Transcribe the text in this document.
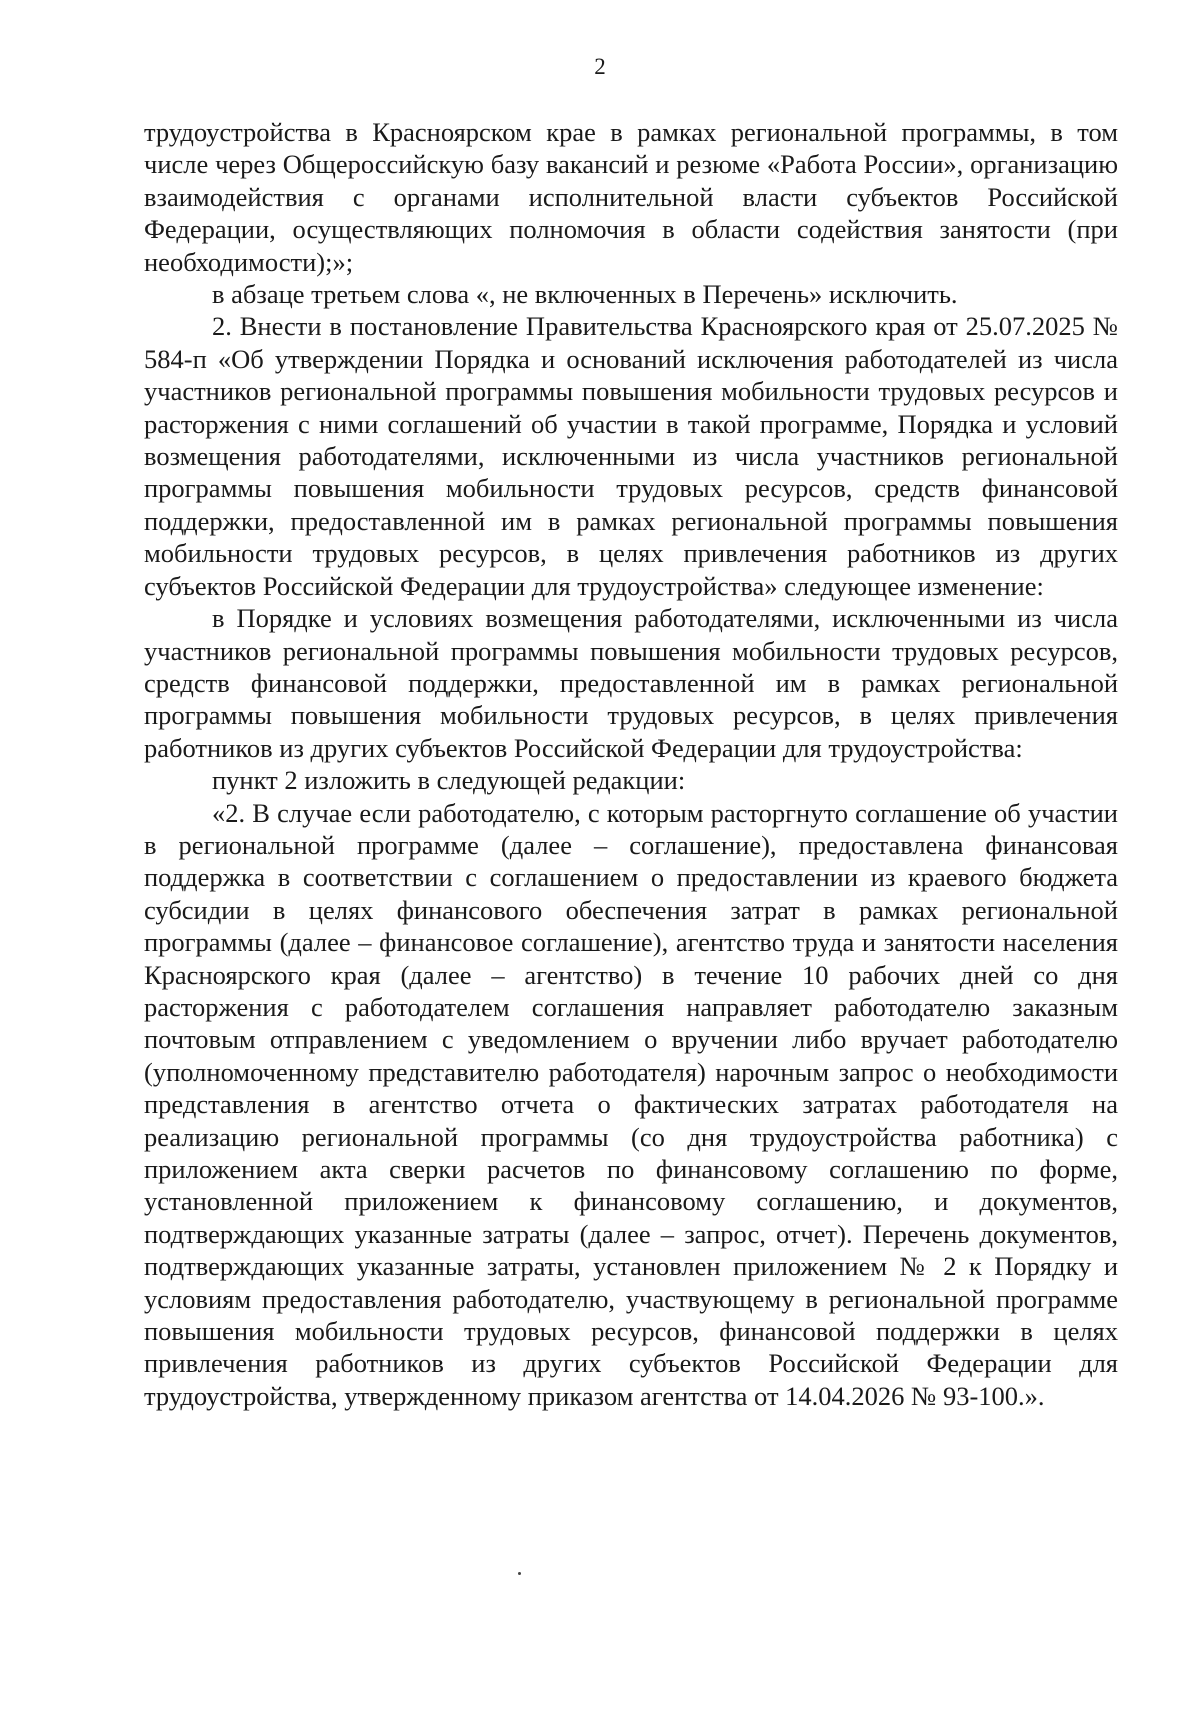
2

трудоустройства в Красноярском крае в рамках региональной программы, в том числе через Общероссийскую базу вакансий и резюме «Работа России», организацию взаимодействия с органами исполнительной власти субъектов Российской Федерации, осуществляющих полномочия в области содействия занятости (при необходимости);»;

в абзаце третьем слова «, не включенных в Перечень» исключить.

2. Внести в постановление Правительства Красноярского края от 25.07.2025 № 584-п «Об утверждении Порядка и оснований исключения работодателей из числа участников региональной программы повышения мобильности трудовых ресурсов и расторжения с ними соглашений об участии в такой программе, Порядка и условий возмещения работодателями, исключенными из числа участников региональной программы повышения мобильности трудовых ресурсов, средств финансовой поддержки, предоставленной им в рамках региональной программы повышения мобильности трудовых ресурсов, в целях привлечения работников из других субъектов Российской Федерации для трудоустройства» следующее изменение:

в Порядке и условиях возмещения работодателями, исключенными из числа участников региональной программы повышения мобильности трудовых ресурсов, средств финансовой поддержки, предоставленной им в рамках региональной программы повышения мобильности трудовых ресурсов, в целях привлечения работников из других субъектов Российской Федерации для трудоустройства:

пункт 2 изложить в следующей редакции:

«2. В случае если работодателю, с которым расторгнуто соглашение об участии в региональной программе (далее – соглашение), предоставлена финансовая поддержка в соответствии с соглашением о предоставлении из краевого бюджета субсидии в целях финансового обеспечения затрат в рамках региональной программы (далее – финансовое соглашение), агентство труда и занятости населения Красноярского края (далее – агентство) в течение 10 рабочих дней со дня расторжения с работодателем соглашения направляет работодателю заказным почтовым отправлением с уведомлением о вручении либо вручает работодателю (уполномоченному представителю работодателя) нарочным запрос о необходимости представления в агентство отчета о фактических затратах работодателя на реализацию региональной программы (со дня трудоустройства работника) с приложением акта сверки расчетов по финансовому соглашению по форме, установленной приложением к финансовому соглашению, и документов, подтверждающих указанные затраты (далее – запрос, отчет). Перечень документов, подтверждающих указанные затраты, установлен приложением № 2 к Порядку и условиям предоставления работодателю, участвующему в региональной программе повышения мобильности трудовых ресурсов, финансовой поддержки в целях привлечения работников из других субъектов Российской Федерации для трудоустройства, утвержденному приказом агентства от 14.04.2026 № 93-100.».
